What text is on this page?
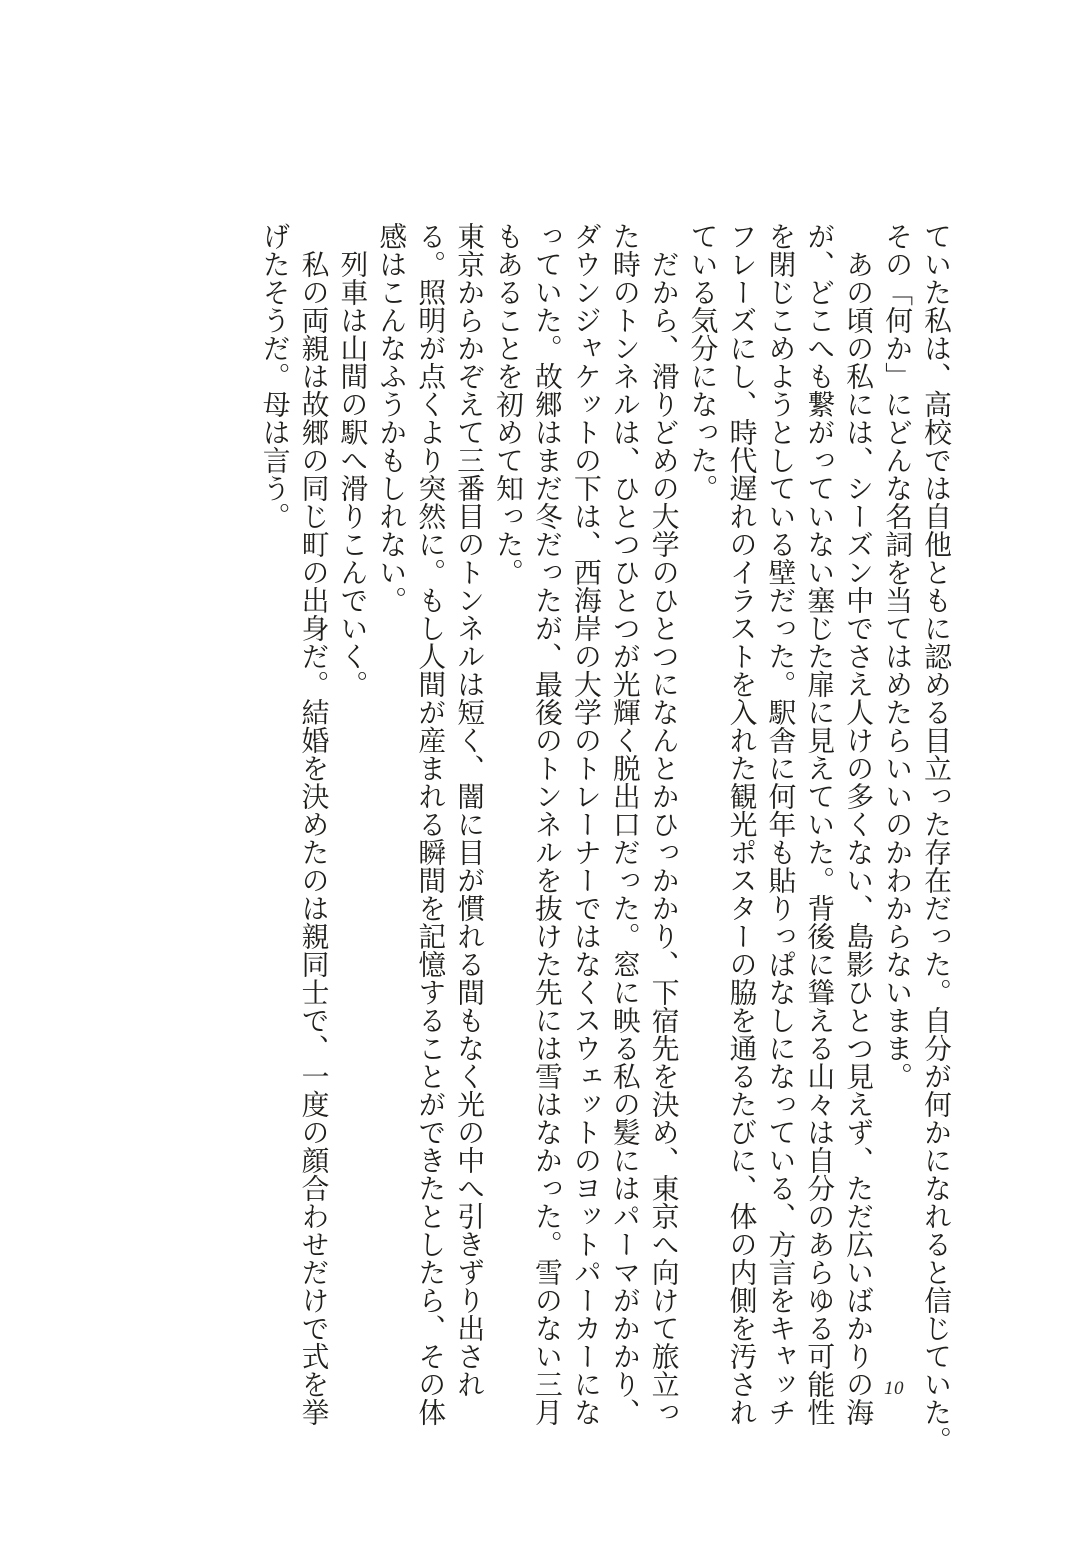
ていた私は、高校では自他ともに認める目立った存在だった。自分が何かになれると信じていた。
その「何か」にどんな名詞を当てはめたらいいのかわからないまま。
　あの頃の私には、シーズン中でさえ人けの多くない、島影ひとつ見えず、ただ広いばかりの海
が、どこへも繋がっていない塞じた扉に見えていた。背後に聳える山々は自分のあらゆる可能性
を閉じこめようとしている壁だった。駅舎に何年も貼りっぱなしになっている、方言をキャッチ
フレーズにし、時代遅れのイラストを入れた観光ポスターの脇を通るたびに、体の内側を汚され
ている気分になった。
　だから、滑りどめの大学のひとつになんとかひっかかり、下宿先を決め、東京へ向けて旅立っ
た時のトンネルは、ひとつひとつが光輝く脱出口だった。窓に映る私の髪にはパーマがかかり、
ダウンジャケットの下は、西海岸の大学のトレーナーではなくスウェットのヨットパーカーにな
っていた。故郷はまだ冬だったが、最後のトンネルを抜けた先には雪はなかった。雪のない三月
もあることを初めて知った。
東京からかぞえて三番目のトンネルは短く、闇に目が慣れる間もなく光の中へ引きずり出され
る。照明が点くより突然に。もし人間が産まれる瞬間を記憶することができたとしたら、その体
感はこんなふうかもしれない。
　列車は山間の駅へ滑りこんでいく。
　私の両親は故郷の同じ町の出身だ。結婚を決めたのは親同士で、一度の顔合わせだけで式を挙
げたそうだ。母は言う。
10
